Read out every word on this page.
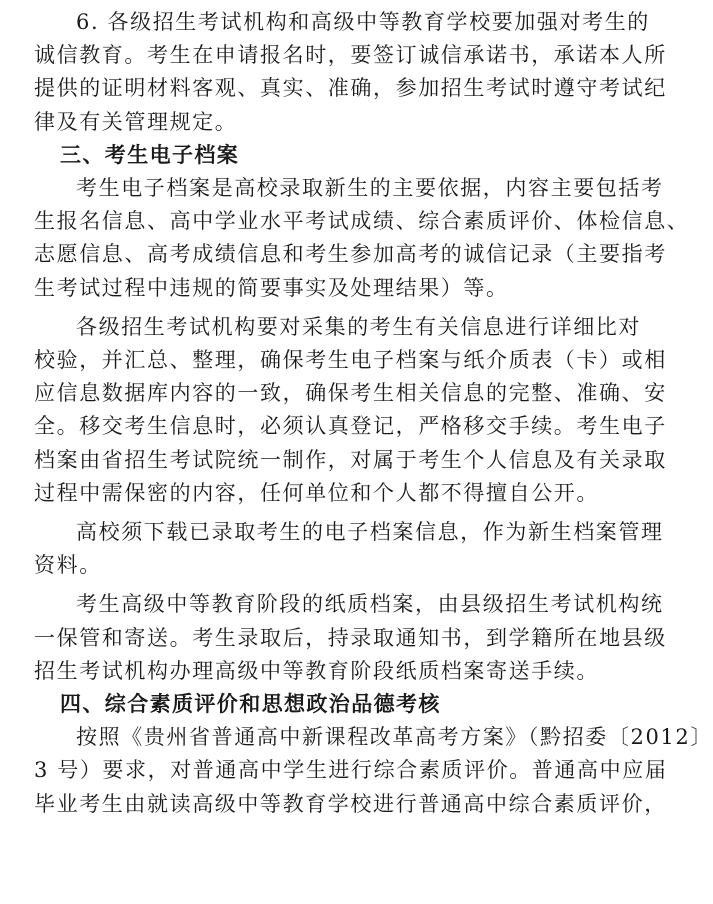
6. 各级招生考试机构和高级中等教育学校要加强对考生的
诚信教育。考生在申请报名时，要签订诚信承诺书，承诺本人所
提供的证明材料客观、真实、准确，参加招生考试时遵守考试纪
律及有关管理规定。

三、考生电子档案

考生电子档案是高校录取新生的主要依据，内容主要包括考
生报名信息、高中学业水平考试成绩、综合素质评价、体检信息、
志愿信息、高考成绩信息和考生参加高考的诚信记录（主要指考
生考试过程中违规的简要事实及处理结果）等。

各级招生考试机构要对采集的考生有关信息进行详细比对
校验，并汇总、整理，确保考生电子档案与纸介质表（卡）或相
应信息数据库内容的一致，确保考生相关信息的完整、准确、安
全。移交考生信息时，必须认真登记，严格移交手续。考生电子
档案由省招生考试院统一制作，对属于考生个人信息及有关录取
过程中需保密的内容，任何单位和个人都不得擅自公开。

高校须下载已录取考生的电子档案信息，作为新生档案管理
资料。

考生高级中等教育阶段的纸质档案，由县级招生考试机构统
一保管和寄送。考生录取后，持录取通知书，到学籍所在地县级
招生考试机构办理高级中等教育阶段纸质档案寄送手续。

四、综合素质评价和思想政治品德考核

按照《贵州省普通高中新课程改革高考方案》（黔招委〔2012〕
3 号）要求，对普通高中学生进行综合素质评价。普通高中应届
毕业考生由就读高级中等教育学校进行普通高中综合素质评价，
